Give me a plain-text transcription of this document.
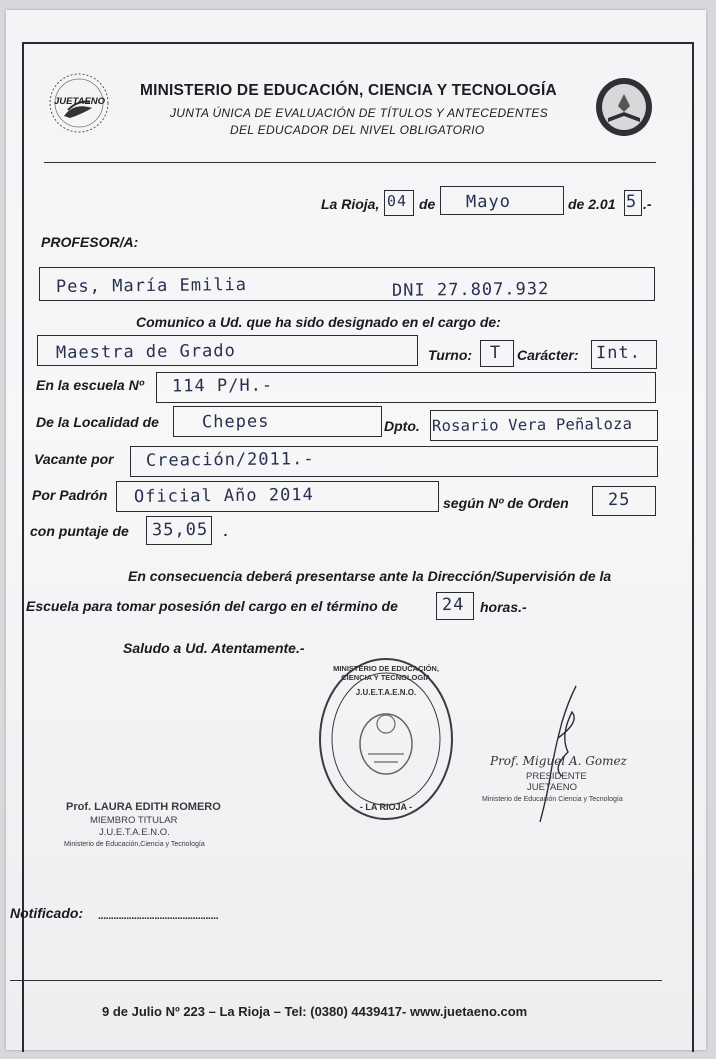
JUETAENO
MINISTERIO DE EDUCACIÓN, CIENCIA Y TECNOLOGÍA
JUNTA ÚNICA DE EVALUACIÓN DE TÍTULOS Y ANTECEDENTES
DEL EDUCADOR DEL NIVEL OBLIGATORIO
La Rioja, 04 de Mayo	de 2.01 5 .-
PROFESOR/A:
Pes, María Emilia	DNI 27.807.932
Comunico a Ud. que ha sido designado en el cargo de:
Maestra de Grado	Turno: T Carácter: Int.
En la escuela Nº 114 P/H.-
De la Localidad de	Chepes	Dpto. Rosario Vera Peñaloza
Vacante por Creación/2011.-
Por Padrón Oficial Año 2014	según Nº de Orden 25
con puntaje de 35,05 .
En consecuencia deberá presentarse ante la Dirección/Supervisión de la
Escuela para tomar posesión del cargo en el término de	24 horas.-
Saludo a Ud. Atentamente.-
MINISTERIO DE EDUCACIÓN, CIENCIA Y TECNOLOGÍA
J.U.E.T.A.E.N.O.
- LA RIOJA -
Prof. Miguel A. Gomez
PRESIDENTE
JUETAENO
Ministerio de Educación Ciencia y Tecnología
Prof. LAURA EDITH ROMERO
MIEMBRO TITULAR
J.U.E.T.A.E.N.O.
Ministerio de Educación,Ciencia y Tecnología
Notificado: ...............................................
9 de Julio Nº 223 – La Rioja – Tel: (0380) 4439417- www.juetaeno.com
